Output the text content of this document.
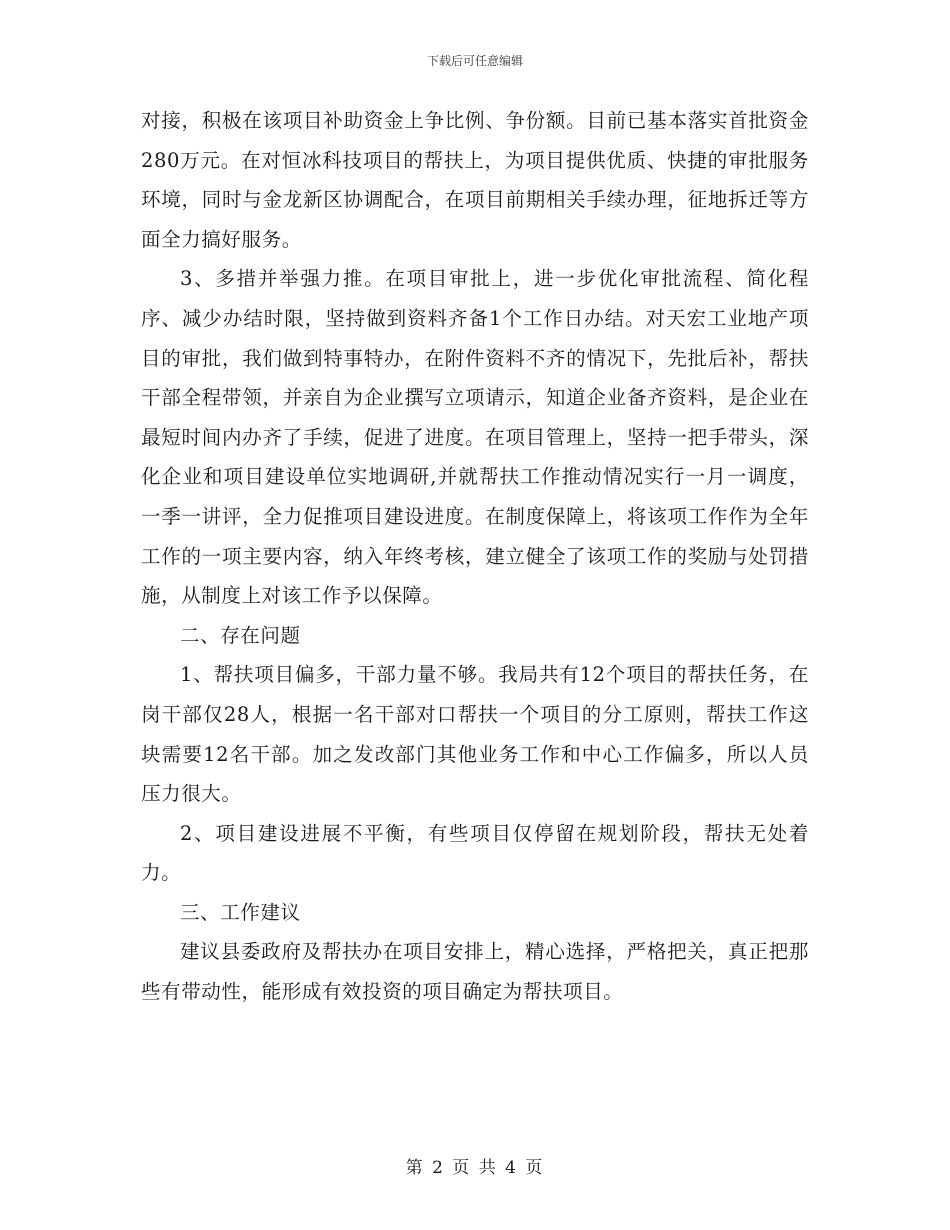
下载后可任意编辑

对接，积极在该项目补助资金上争比例、争份额。目前已基本落实首批资金280万元。在对恒冰科技项目的帮扶上，为项目提供优质、快捷的审批服务环境，同时与金龙新区协调配合，在项目前期相关手续办理，征地拆迁等方面全力搞好服务。

3、多措并举强力推。在项目审批上，进一步优化审批流程、简化程序、减少办结时限，坚持做到资料齐备1个工作日办结。对天宏工业地产项目的审批，我们做到特事特办，在附件资料不齐的情况下，先批后补，帮扶干部全程带领，并亲自为企业撰写立项请示，知道企业备齐资料，是企业在最短时间内办齐了手续，促进了进度。在项目管理上，坚持一把手带头，深化企业和项目建设单位实地调研,并就帮扶工作推动情况实行一月一调度，一季一讲评，全力促推项目建设进度。在制度保障上，将该项工作作为全年工作的一项主要内容，纳入年终考核，建立健全了该项工作的奖励与处罚措施，从制度上对该工作予以保障。

二、存在问题

1、帮扶项目偏多，干部力量不够。我局共有12个项目的帮扶任务，在岗干部仅28人，根据一名干部对口帮扶一个项目的分工原则，帮扶工作这块需要12名干部。加之发改部门其他业务工作和中心工作偏多，所以人员压力很大。

2、项目建设进展不平衡，有些项目仅停留在规划阶段，帮扶无处着力。

三、工作建议

建议县委政府及帮扶办在项目安排上，精心选择，严格把关，真正把那些有带动性，能形成有效投资的项目确定为帮扶项目。

第 2 页 共 4 页
